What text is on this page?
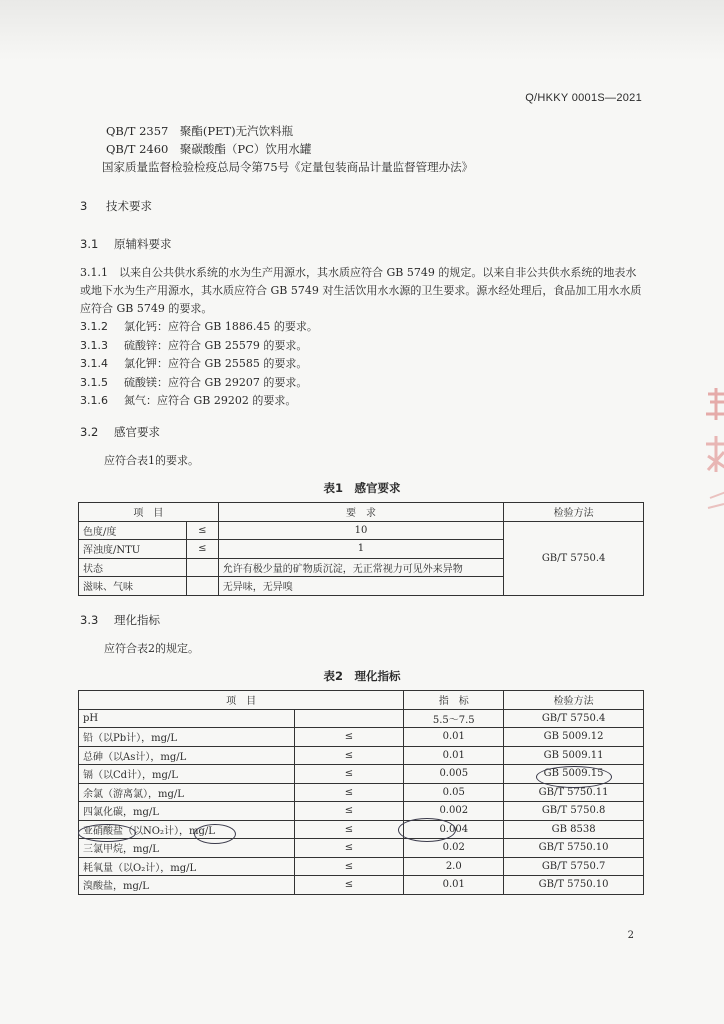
Q/HKKY 0001S—2021
QB/T 2357　聚酯(PET)无汽饮料瓶
QB/T 2460　聚碳酸酯（PC）饮用水罐
国家质量监督检验检疫总局令第75号《定量包装商品计量监督管理办法》
3 技术要求
3.1 原辅料要求
3.1.1　以来自公共供水系统的水为生产用源水，其水质应符合 GB 5749 的规定。以来自非公共供水系统的地表水或地下水为生产用源水，其水质应符合 GB 5749 对生活饮用水水源的卫生要求。源水经处理后，食品加工用水水质应符合 GB 5749 的要求。
3.1.2 氯化钙：应符合 GB 1886.45 的要求。
3.1.3 硫酸锌：应符合 GB 25579 的要求。
3.1.4 氯化钾：应符合 GB 25585 的要求。
3.1.5 硫酸镁：应符合 GB 29207 的要求。
3.1.6 氮气：应符合 GB 29202 的要求。
3.2 感官要求
应符合表1的要求。
表1　感官要求
项　目		要　求	检验方法
色度/度	≤	10	GB/T 5750.4
浑浊度/NTU	≤	1	
状态		允许有极少量的矿物质沉淀，无正常视力可见外来异物	
滋味、气味		无异味，无异嗅	
3.3 理化指标
应符合表2的规定。
表2　理化指标
项　目		指　标	检验方法
pH		5.5～7.5	GB/T 5750.4
铅（以Pb计），mg/L	≤	0.01	GB 5009.12
总砷（以As计），mg/L	≤	0.01	GB 5009.11
镉（以Cd计），mg/L	≤	0.005	GB 5009.15
余氯（游离氯），mg/L	≤	0.05	GB/T 5750.11
四氯化碳，mg/L	≤	0.002	GB/T 5750.8
亚硝酸盐（以NO₂计），mg/L	≤	0.004	GB 8538
三氯甲烷，mg/L	≤	0.02	GB/T 5750.10
耗氧量（以O₂计），mg/L	≤	2.0	GB/T 5750.7
溴酸盐，mg/L	≤	0.01	GB/T 5750.10
2
